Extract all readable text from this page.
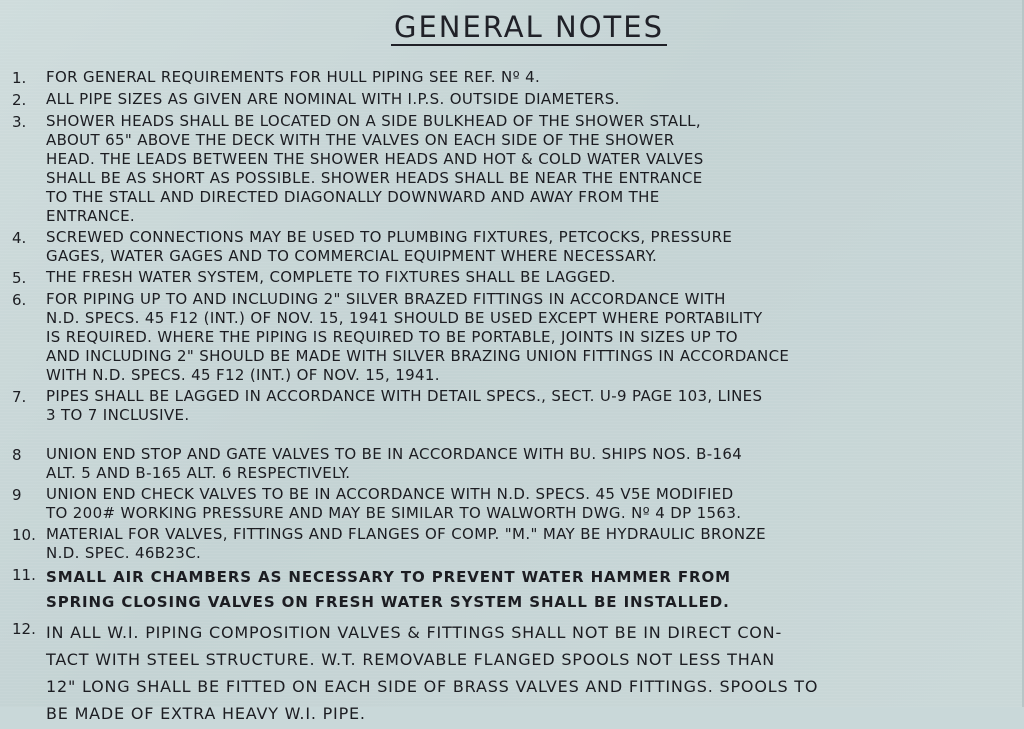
GENERAL NOTES
1.	FOR GENERAL REQUIREMENTS FOR HULL PIPING SEE REF. Nº 4.
2.	ALL PIPE SIZES AS GIVEN ARE NOMINAL WITH I.P.S. OUTSIDE DIAMETERS.
3.	SHOWER HEADS SHALL BE LOCATED ON A SIDE BULKHEAD OF THE SHOWER STALL,
ABOUT 65" ABOVE THE DECK WITH THE VALVES ON EACH SIDE OF THE SHOWER
HEAD. THE LEADS BETWEEN THE SHOWER HEADS AND HOT & COLD WATER VALVES
SHALL BE AS SHORT AS POSSIBLE. SHOWER HEADS SHALL BE NEAR THE ENTRANCE
TO THE STALL AND DIRECTED DIAGONALLY DOWNWARD AND AWAY FROM THE
ENTRANCE.
4.	SCREWED CONNECTIONS MAY BE USED TO PLUMBING FIXTURES, PETCOCKS, PRESSURE
GAGES, WATER GAGES AND TO COMMERCIAL EQUIPMENT WHERE NECESSARY.
5.	THE FRESH WATER SYSTEM, COMPLETE TO FIXTURES SHALL BE LAGGED.
6.	FOR PIPING UP TO AND INCLUDING 2" SILVER BRAZED FITTINGS IN ACCORDANCE WITH
N.D. SPECS. 45 F12 (INT.) OF NOV. 15, 1941 SHOULD BE USED EXCEPT WHERE PORTABILITY
IS REQUIRED. WHERE THE PIPING IS REQUIRED TO BE PORTABLE, JOINTS IN SIZES UP TO
AND INCLUDING 2" SHOULD BE MADE WITH SILVER BRAZING UNION FITTINGS IN ACCORDANCE
WITH N.D. SPECS. 45 F12 (INT.) OF NOV. 15, 1941.
7.	PIPES SHALL BE LAGGED IN ACCORDANCE WITH DETAIL SPECS., SECT. U-9 PAGE 103, LINES
3 TO 7 INCLUSIVE.
8	UNION END STOP AND GATE VALVES TO BE IN ACCORDANCE WITH BU. SHIPS NOS. B-164
ALT. 5 AND B-165 ALT. 6 RESPECTIVELY.
9	UNION END CHECK VALVES TO BE IN ACCORDANCE WITH N.D. SPECS. 45 V5E MODIFIED
TO 200# WORKING PRESSURE AND MAY BE SIMILAR TO WALWORTH DWG. Nº 4 DP 1563.
10. MATERIAL FOR VALVES, FITTINGS AND FLANGES OF COMP. "M." MAY BE HYDRAULIC BRONZE
N.D. SPEC. 46B23C.
11. SMALL AIR CHAMBERS AS NECESSARY TO PREVENT WATER HAMMER FROM
SPRING CLOSING VALVES ON FRESH WATER SYSTEM SHALL BE INSTALLED.
12. IN ALL W.I. PIPING COMPOSITION VALVES & FITTINGS SHALL NOT BE IN DIRECT CON-
TACT WITH STEEL STRUCTURE. W.T. REMOVABLE FLANGED SPOOLS NOT LESS THAN
12" LONG SHALL BE FITTED ON EACH SIDE OF BRASS VALVES AND FITTINGS. SPOOLS TO
BE MADE OF EXTRA HEAVY W.I. PIPE.
